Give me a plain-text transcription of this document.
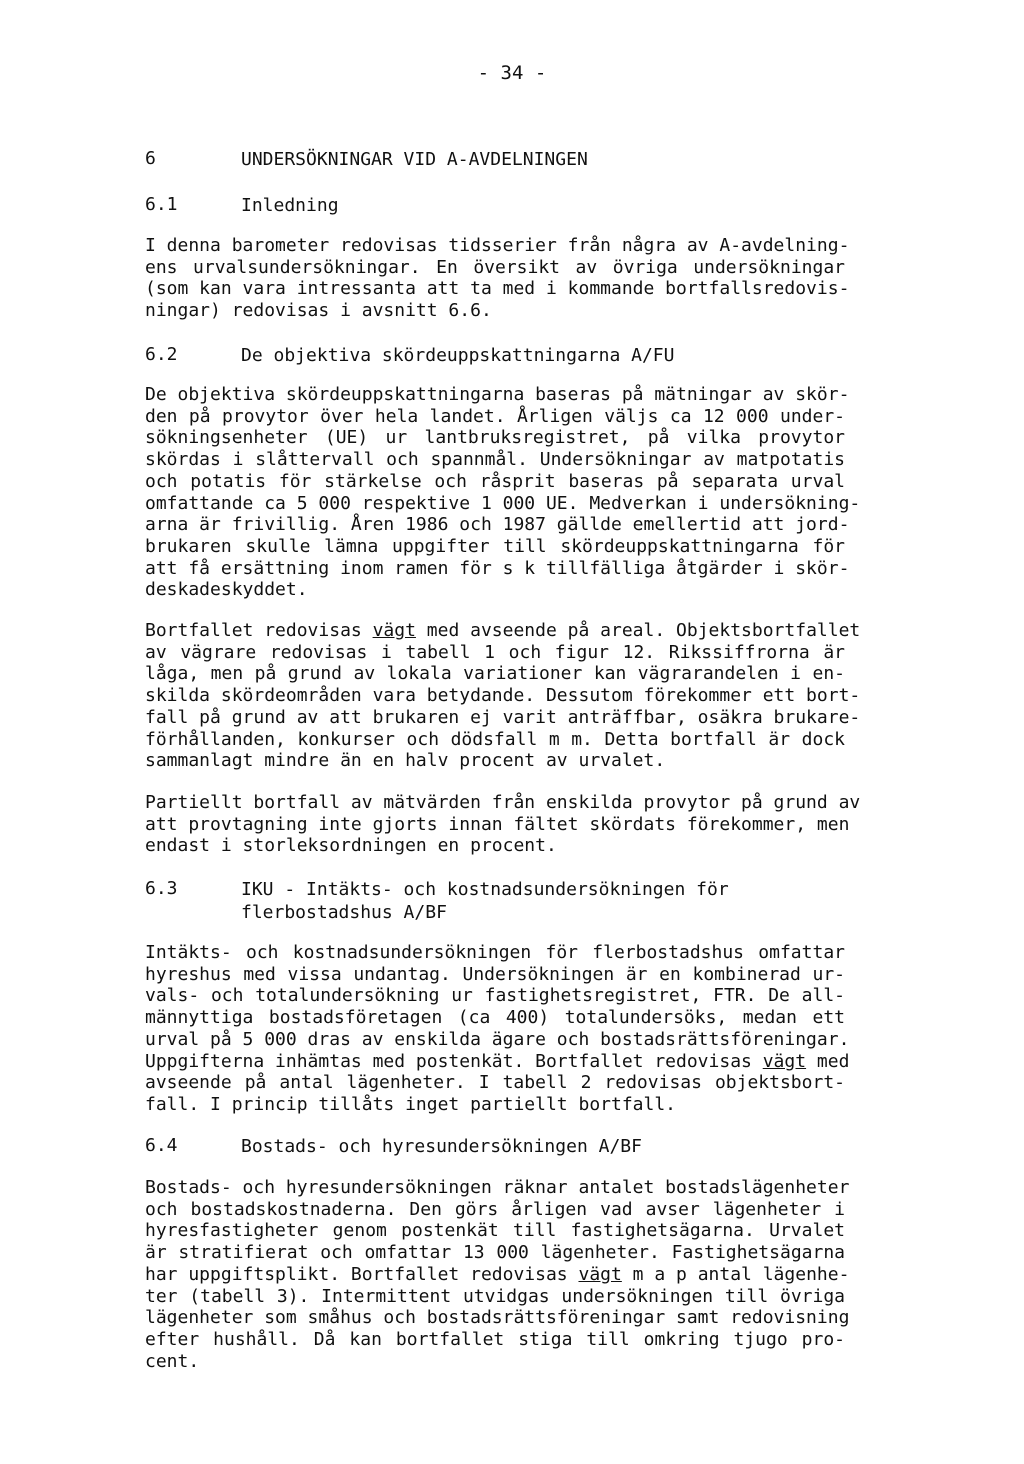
- 34 -
6	UNDERSÖKNINGAR VID A-AVDELNINGEN
6.1	Inledning
I denna barometer redovisas tidsserier från några av A-avdelning-
ens urvalsundersökningar. En översikt av övriga undersökningar
(som kan vara intressanta att ta med i kommande bortfallsredovis-
ningar) redovisas i avsnitt 6.6.
6.2	De objektiva skördeuppskattningarna A/FU
De objektiva skördeuppskattningarna baseras på mätningar av skör-
den på provytor över hela landet. Årligen väljs ca 12 000 under-
sökningsenheter (UE) ur lantbruksregistret, på vilka provytor
skördas i slåttervall och spannmål. Undersökningar av matpotatis
och potatis för stärkelse och råsprit baseras på separata urval
omfattande ca 5 000 respektive 1 000 UE. Medverkan i undersökning-
arna är frivillig. Åren 1986 och 1987 gällde emellertid att jord-
brukaren skulle lämna uppgifter till skördeuppskattningarna för
att få ersättning inom ramen för s k tillfälliga åtgärder i skör-
deskadeskyddet.
Bortfallet redovisas vägt med avseende på areal. Objektsbortfallet
av vägrare redovisas i tabell 1 och figur 12. Rikssiffrorna är
låga, men på grund av lokala variationer kan vägrarandelen i en-
skilda skördeområden vara betydande. Dessutom förekommer ett bort-
fall på grund av att brukaren ej varit anträffbar, osäkra brukare-
förhållanden, konkurser och dödsfall m m. Detta bortfall är dock
sammanlagt mindre än en halv procent av urvalet.
Partiellt bortfall av mätvärden från enskilda provytor på grund av
att provtagning inte gjorts innan fältet skördats förekommer, men
endast i storleksordningen en procent.
6.3	IKU - Intäkts- och kostnadsundersökningen för
flerbostadshus A/BF
Intäkts- och kostnadsundersökningen för flerbostadshus omfattar
hyreshus med vissa undantag. Undersökningen är en kombinerad ur-
vals- och totalundersökning ur fastighetsregistret, FTR. De all-
männyttiga bostadsföretagen (ca 400) totalundersöks, medan ett
urval på 5 000 dras av enskilda ägare och bostadsrättsföreningar.
Uppgifterna inhämtas med postenkät. Bortfallet redovisas vägt med
avseende på antal lägenheter. I tabell 2 redovisas objektsbort-
fall. I princip tillåts inget partiellt bortfall.
6.4	Bostads- och hyresundersökningen A/BF
Bostads- och hyresundersökningen räknar antalet bostadslägenheter
och bostadskostnaderna. Den görs årligen vad avser lägenheter i
hyresfastigheter genom postenkät till fastighetsägarna. Urvalet
är stratifierat och omfattar 13 000 lägenheter. Fastighetsägarna
har uppgiftsplikt. Bortfallet redovisas vägt m a p antal lägenhe-
ter (tabell 3). Intermittent utvidgas undersökningen till övriga
lägenheter som småhus och bostadsrättsföreningar samt redovisning
efter hushåll. Då kan bortfallet stiga till omkring tjugo pro-
cent.
